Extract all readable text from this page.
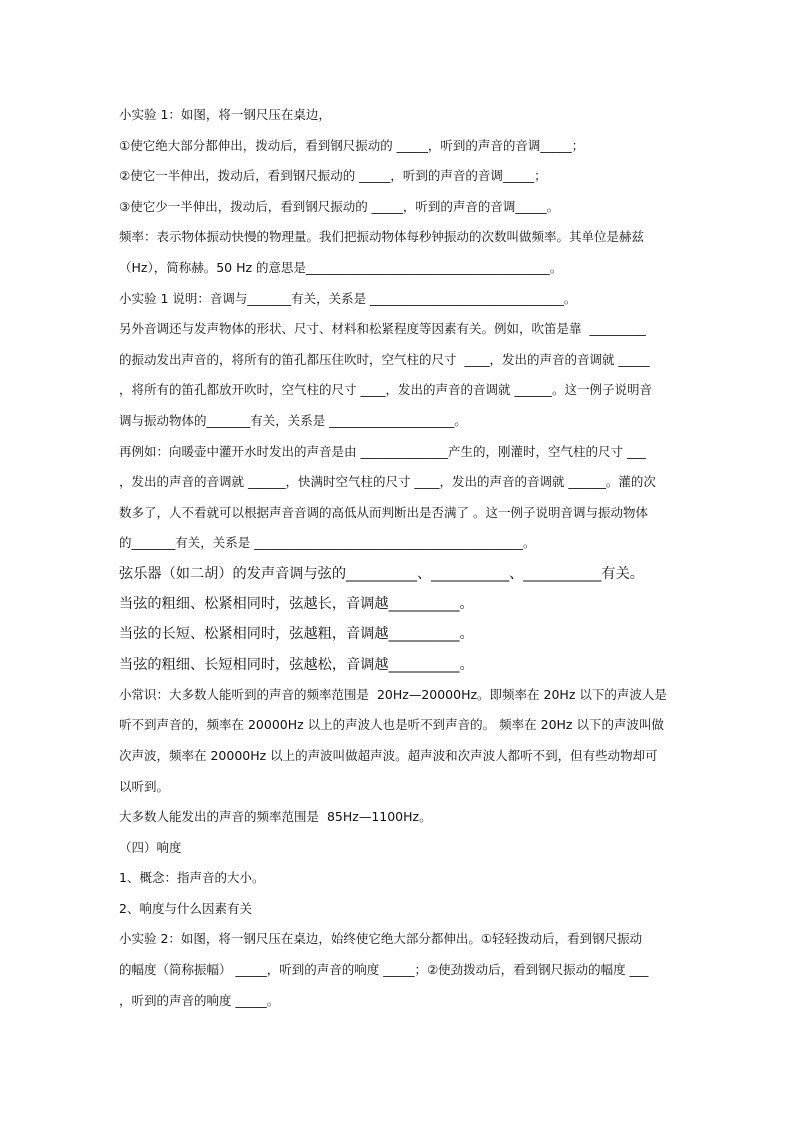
小实验 1：如图，将一钢尺压在桌边，

①使它绝大部分都伸出，拨动后，看到钢尺振动的 _____，听到的声音的音调_____；

②使它一半伸出，拨动后，看到钢尺振动的 _____，听到的声音的音调_____；

③使它少一半伸出，拨动后，看到钢尺振动的 _____，听到的声音的音调_____。

频率：表示物体振动快慢的物理量。我们把振动物体每秒钟振动的次数叫做频率。其单位是赫兹

（Hz），简称赫。50 Hz 的意思是_______________________________________。

小实验 1 说明：音调与_______有关，关系是 _______________________________。

另外音调还与发声物体的形状、尺寸、材料和松紧程度等因素有关。例如，吹笛是靠  _________

的振动发出声音的，将所有的笛孔都压住吹时，空气柱的尺寸  ____，发出的声音的音调就 _____

，将所有的笛孔都放开吹时，空气柱的尺寸 ____，发出的声音的音调就 ______。这一例子说明音

调与振动物体的_______有关，关系是 ____________________。

再例如：向暖壶中灌开水时发出的声音是由 ______________产生的，刚灌时，空气柱的尺寸 ___

，发出的声音的音调就 ______，快满时空气柱的尺寸 ____，发出的声音的音调就 ______。灌的次

数多了，人不看就可以根据声音音调的高低从而判断出是否满了 。这一例子说明音调与振动物体

的_______有关，关系是 ___________________________________________。

弦乐器（如二胡）的发声音调与弦的__________、___________、___________有关。

当弦的粗细、松紧相同时，弦越长，音调越__________。

当弦的长短、松紧相同时，弦越粗，音调越__________。

当弦的粗细、长短相同时，弦越松，音调越__________。

小常识：大多数人能听到的声音的频率范围是  20Hz—20000Hz。即频率在 20Hz 以下的声波人是

听不到声音的，频率在 20000Hz 以上的声波人也是听不到声音的。 频率在 20Hz 以下的声波叫做

次声波，频率在 20000Hz 以上的声波叫做超声波。超声波和次声波人都听不到，但有些动物却可

以听到。

大多数人能发出的声音的频率范围是  85Hz—1100Hz。

（四）响度

1、概念：指声音的大小。

2、响度与什么因素有关

小实验 2：如图，将一钢尺压在桌边，始终使它绝大部分都伸出。①轻轻拨动后，看到钢尺振动

的幅度（简称振幅） _____，听到的声音的响度 _____；②使劲拨动后，看到钢尺振动的幅度 ___

，听到的声音的响度 _____。
